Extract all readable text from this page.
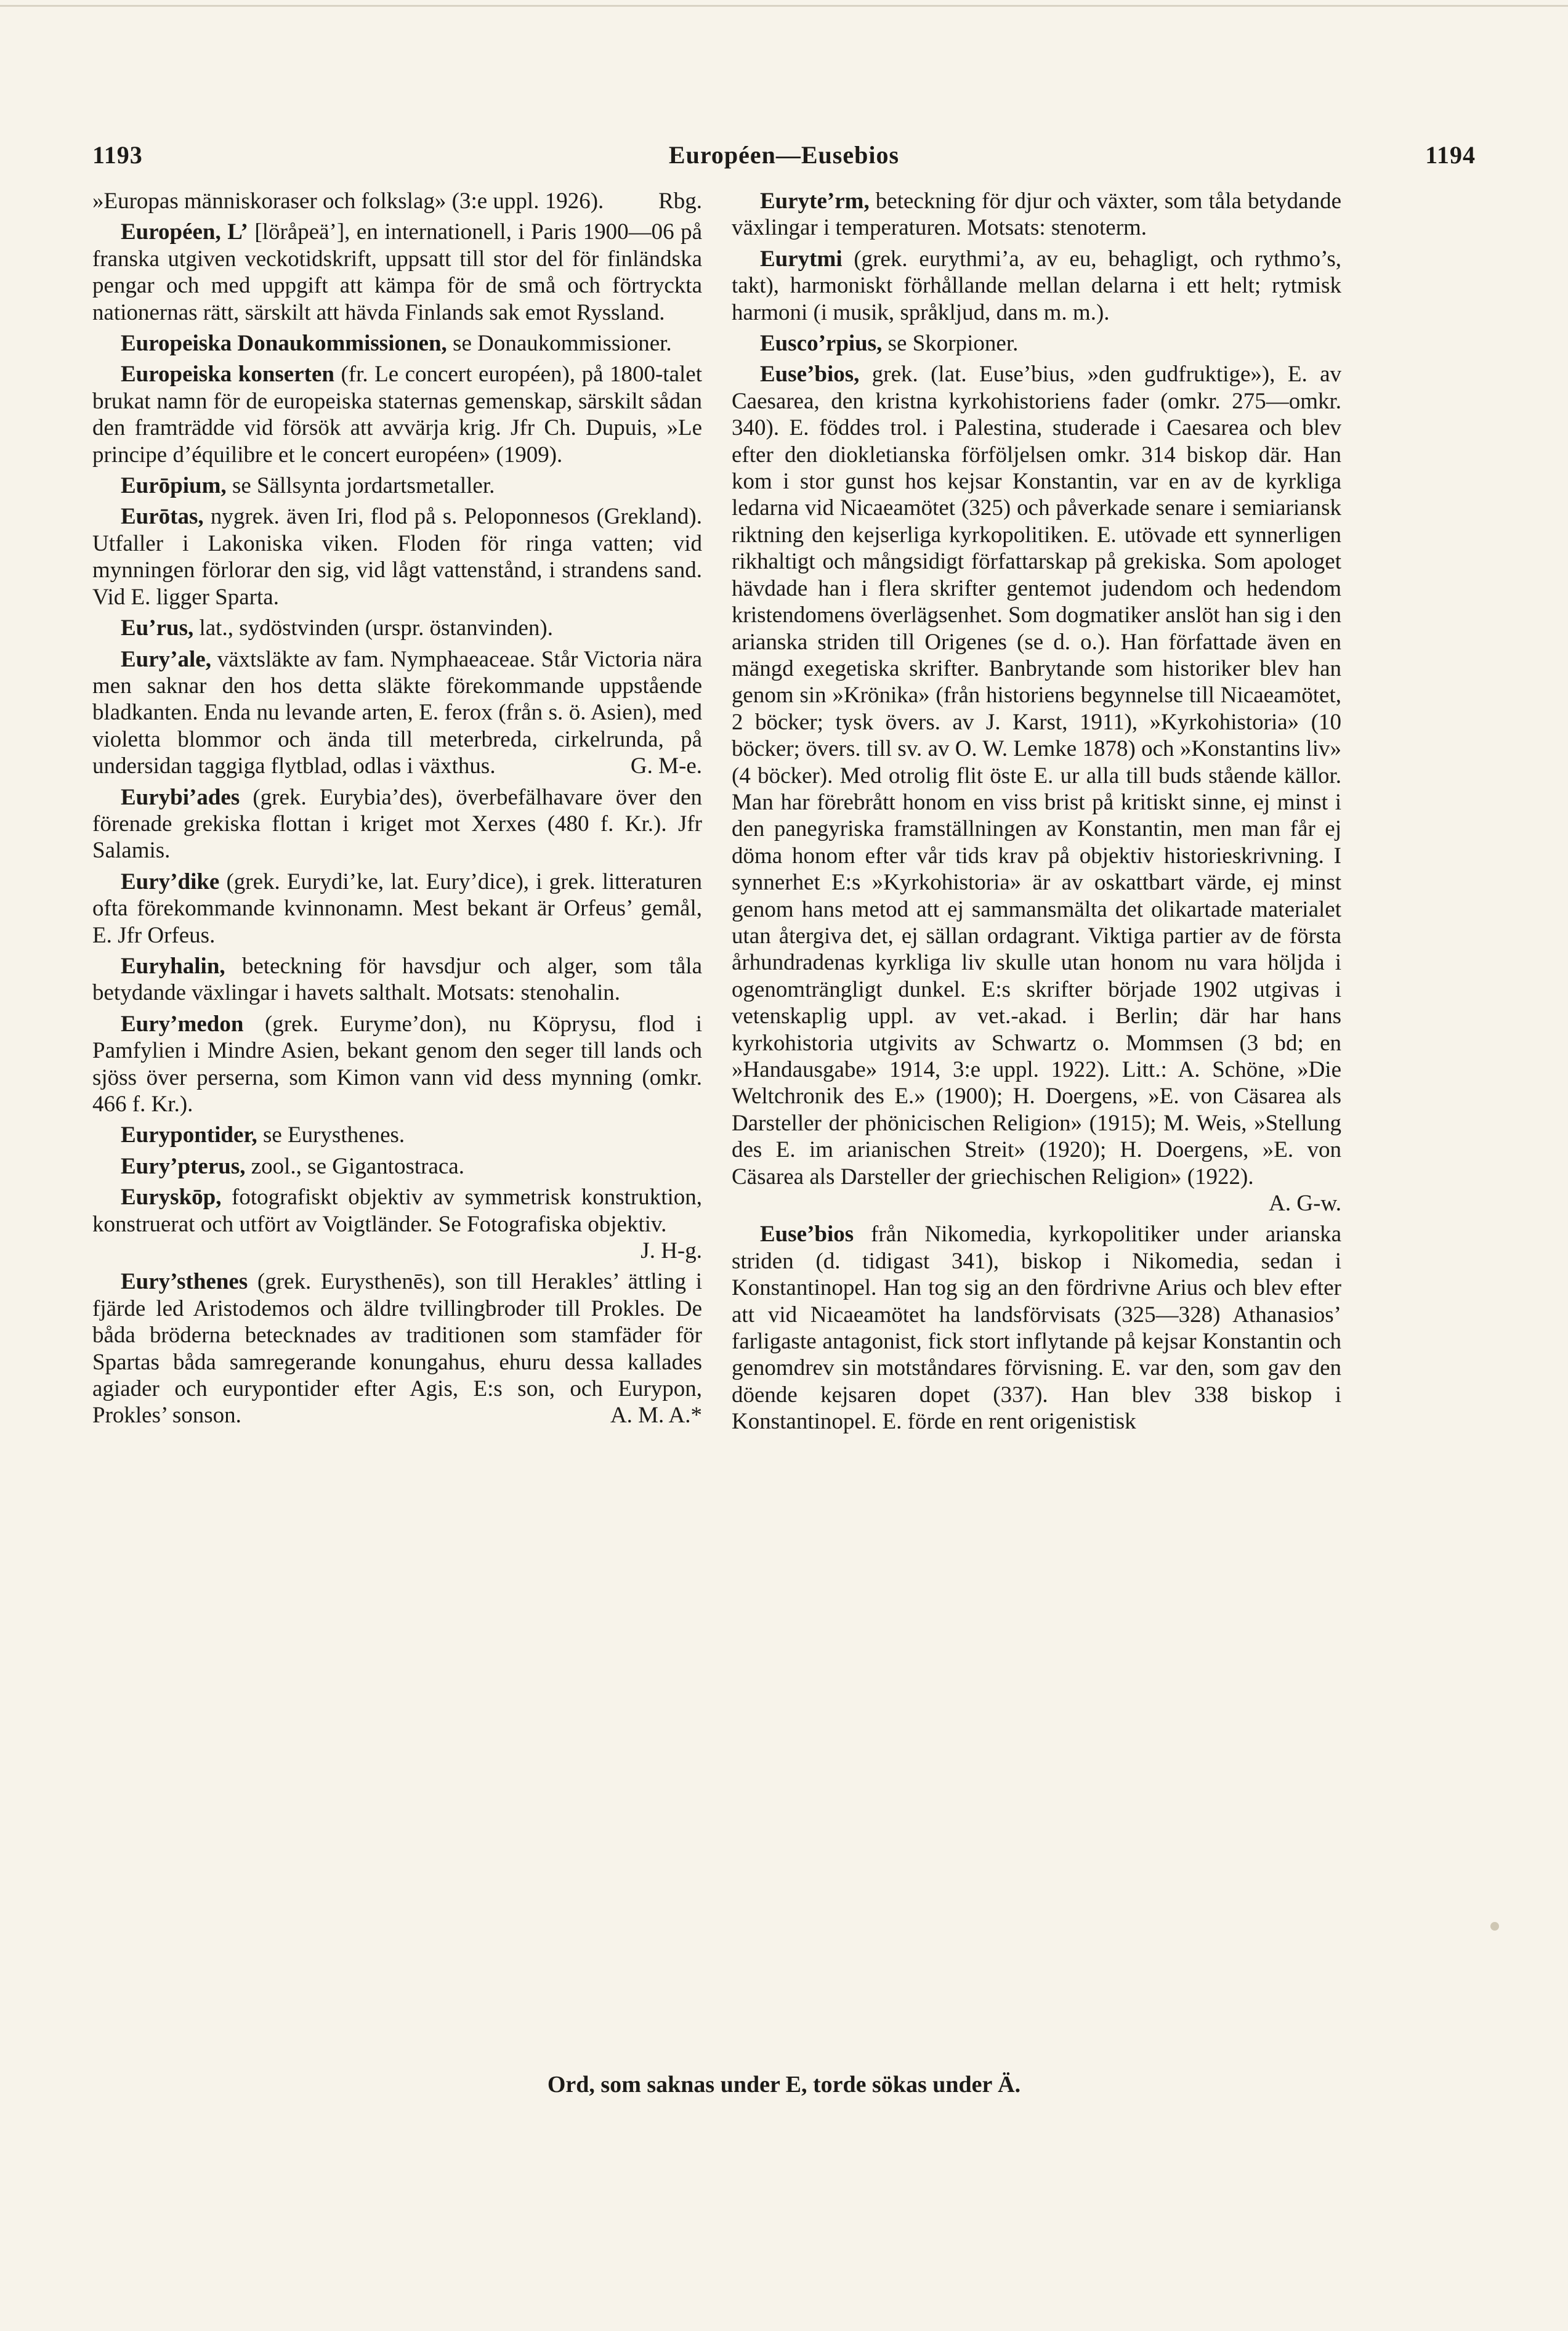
1193	Européen—Eusebios	1194

»Europas människoraser och folkslag» (3:e uppl. 1926). Rbg.

Européen, L’ [löråpeä’], en internationell, i Paris 1900—06 på franska utgiven veckotidskrift, uppsatt till stor del för finländska pengar och med uppgift att kämpa för de små och förtryckta nationernas rätt, särskilt att hävda Finlands sak emot Ryssland.

Europeiska Donaukommissionen, se Donaukommissioner.

Europeiska konserten (fr. Le concert européen), på 1800-talet brukat namn för de europeiska staternas gemenskap, särskilt sådan den framträdde vid försök att avvärja krig. Jfr Ch. Dupuis, »Le principe d’équilibre et le concert européen» (1909).

Eurōpium, se Sällsynta jordartsmetaller.

Eurōtas, nygrek. även Iri, flod på s. Peloponnesos (Grekland). Utfaller i Lakoniska viken. Floden för ringa vatten; vid mynningen förlorar den sig, vid lågt vattenstånd, i strandens sand. Vid E. ligger Sparta.

Eu’rus, lat., sydöstvinden (urspr. östanvinden).

Eury’ale, växtsläkte av fam. Nymphaeaceae. Står Victoria nära men saknar den hos detta släkte förekommande uppstående bladkanten. Enda nu levande arten, E. ferox (från s. ö. Asien), med violetta blommor och ända till meterbreda, cirkelrunda, på undersidan taggiga flytblad, odlas i växthus.	G. M-e.

Eurybi’ades (grek. Eurybia’des), överbefälhavare över den förenade grekiska flottan i kriget mot Xerxes (480 f. Kr.). Jfr Salamis.

Eury’dike (grek. Eurydi’ke, lat. Eury’dice), i grek. litteraturen ofta förekommande kvinnonamn. Mest bekant är Orfeus’ gemål, E. Jfr Orfeus.

Euryhalin, beteckning för havsdjur och alger, som tåla betydande växlingar i havets salthalt. Motsats: stenohalin.

Eury’medon (grek. Euryme’don), nu Köprysu, flod i Pamfylien i Mindre Asien, bekant genom den seger till lands och sjöss över perserna, som Kimon vann vid dess mynning (omkr. 466 f. Kr.).

Eurypontider, se Eurysthenes.

Eury’pterus, zool., se Gigantostraca.

Euryskōp, fotografiskt objektiv av symmetrisk konstruktion, konstruerat och utfört av Voigtländer. Se Fotografiska objektiv.
J. H-g.

Eury’sthenes (grek. Eurysthenēs), son till Herakles’ ättling i fjärde led Aristodemos och äldre tvillingbroder till Prokles. De båda bröderna betecknades av traditionen som stamfäder för Spartas båda samregerande konungahus, ehuru dessa kallades agiader och eurypontider efter Agis, E:s son, och Eurypon, Prokles’ sonson.	A. M. A.*

Euryte’rm, beteckning för djur och växter, som tåla betydande växlingar i temperaturen. Motsats: stenoterm.

Eurytmi (grek. eurythmi’a, av eu, behagligt, och rythmo’s, takt), harmoniskt förhållande mellan delarna i ett helt; rytmisk harmoni (i musik, språkljud, dans m. m.).

Eusco’rpius, se Skorpioner.

Euse’bios, grek. (lat. Euse’bius, »den gudfruktige»), E. av Caesarea, den kristna kyrkohistoriens fader (omkr. 275—omkr. 340). E. föddes trol. i Palestina, studerade i Caesarea och blev efter den diokletianska förföljelsen omkr. 314 biskop där. Han kom i stor gunst hos kejsar Konstantin, var en av de kyrkliga ledarna vid Nicaeamötet (325) och påverkade senare i semiariansk riktning den kejserliga kyrkopolitiken. E. utövade ett synnerligen rikhaltigt och mångsidigt författarskap på grekiska. Som apologet hävdade han i flera skrifter gentemot judendom och hedendom kristendomens överlägsenhet. Som dogmatiker anslöt han sig i den arianska striden till Origenes (se d. o.). Han författade även en mängd exegetiska skrifter. Banbrytande som historiker blev han genom sin »Krönika» (från historiens begynnelse till Nicaeamötet, 2 böcker; tysk övers. av J. Karst, 1911), »Kyrkohistoria» (10 böcker; övers. till sv. av O. W. Lemke 1878) och »Konstantins liv» (4 böcker). Med otrolig flit öste E. ur alla till buds stående källor. Man har förebrått honom en viss brist på kritiskt sinne, ej minst i den panegyriska framställningen av Konstantin, men man får ej döma honom efter vår tids krav på objektiv historieskrivning. I synnerhet E:s »Kyrkohistoria» är av oskattbart värde, ej minst genom hans metod att ej sammansmälta det olikartade materialet utan återgiva det, ej sällan ordagrant. Viktiga partier av de första århundradenas kyrkliga liv skulle utan honom nu vara höljda i ogenomträngligt dunkel. E:s skrifter började 1902 utgivas i vetenskaplig uppl. av vet.-akad. i Berlin; där har hans kyrkohistoria utgivits av Schwartz o. Mommsen (3 bd; en »Handausgabe» 1914, 3:e uppl. 1922). Litt.: A. Schöne, »Die Weltchronik des E.» (1900); H. Doergens, »E. von Cäsarea als Darsteller der phönicischen Religion» (1915); M. Weis, »Stellung des E. im arianischen Streit» (1920); H. Doergens, »E. von Cäsarea als Darsteller der griechischen Religion» (1922).
A. G-w.

Euse’bios från Nikomedia, kyrkopolitiker under arianska striden (d. tidigast 341), biskop i Nikomedia, sedan i Konstantinopel. Han tog sig an den fördrivne Arius och blev efter att vid Nicaeamötet ha landsförvisats (325—328) Athanasios’ farligaste antagonist, fick stort inflytande på kejsar Konstantin och genomdrev sin motståndares förvisning. E. var den, som gav den döende kejsaren dopet (337). Han blev 338 biskop i Konstantinopel. E. förde en rent origenistisk

Ord, som saknas under E, torde sökas under Ä.
